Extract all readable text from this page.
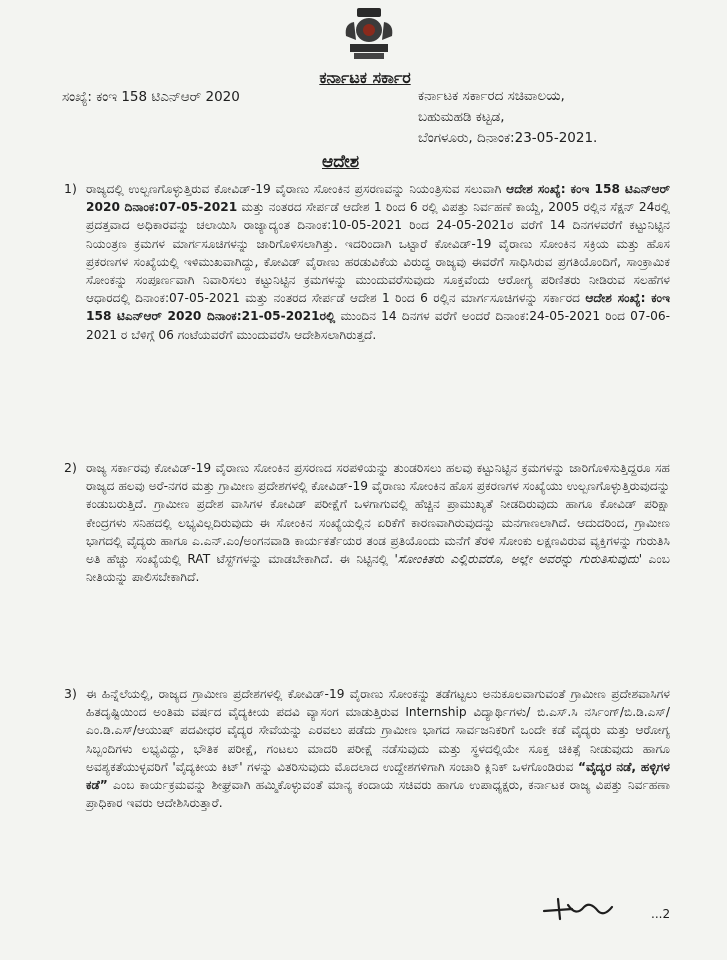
ಕರ್ನಾಟಕ ಸರ್ಕಾರ
ಸಂಖ್ಯೆ: ಕಂಇ 158 ಟಿಎನ್‌ಆರ್ 2020	ಕರ್ನಾಟಕ ಸರ್ಕಾರದ ಸಚಿವಾಲಯ,
ಬಹುಮಹಡಿ ಕಟ್ಟಡ,
ಬೆಂಗಳೂರು, ದಿನಾಂಕ:23-05-2021.
ಆದೇಶ
1) ರಾಜ್ಯದಲ್ಲಿ ಉಲ್ಬಣಗೊಳ್ಳುತ್ತಿರುವ ಕೋವಿಡ್-19 ವೈರಾಣು ಸೋಂಕಿನ ಪ್ರಸರಣವನ್ನು ನಿಯಂತ್ರಿಸುವ ಸಲುವಾಗಿ ಆದೇಶ ಸಂಖ್ಯೆ: ಕಂಇ 158 ಟಿಎನ್‌ಆರ್ 2020 ದಿನಾಂಕ:07-05-2021 ಮತ್ತು ನಂತರದ ಸೇರ್ಪಡೆ ಆದೇಶ 1 ರಿಂದ 6 ರಲ್ಲಿ ವಿಪತ್ತು ನಿರ್ವಹಣೆ ಕಾಯ್ದೆ, 2005 ರಲ್ಲಿನ ಸೆಕ್ಷನ್ 24ರಲ್ಲಿ ಪ್ರದತ್ತವಾದ ಅಧಿಕಾರವನ್ನು ಚಲಾಯಿಸಿ ರಾಜ್ಯಾದ್ಯಂತ ದಿನಾಂಕ:10-05-2021 ರಿಂದ 24-05-2021ರ ವರೆಗೆ 14 ದಿನಗಳವರೆಗೆ ಕಟ್ಟುನಿಟ್ಟಿನ ನಿಯಂತ್ರಣ ಕ್ರಮಗಳ ಮಾರ್ಗಸೂಚಿಗಳನ್ನು ಜಾರಿಗೊಳಿಸಲಾಗಿತ್ತು. ಇದರಿಂದಾಗಿ ಒಟ್ಟಾರೆ ಕೋವಿಡ್-19 ವೈರಾಣು ಸೋಂಕಿನ ಸಕ್ರಿಯ ಮತ್ತು ಹೊಸ ಪ್ರಕರಣಗಳ ಸಂಖ್ಯೆಯಲ್ಲಿ ಇಳಿಮುಖವಾಗಿದ್ದು, ಕೋವಿಡ್ ವೈರಾಣು ಹರಡುವಿಕೆಯ ವಿರುದ್ಧ ರಾಜ್ಯವು ಈವರೆಗೆ ಸಾಧಿಸಿರುವ ಪ್ರಗತಿಯೊಂದಿಗೆ, ಸಾಂಕ್ರಾಮಿಕ ಸೋಂಕನ್ನು ಸಂಪೂರ್ಣವಾಗಿ ನಿವಾರಿಸಲು ಕಟ್ಟುನಿಟ್ಟಿನ ಕ್ರಮಗಳನ್ನು ಮುಂದುವರೆಸುವುದು ಸೂಕ್ತವೆಂದು ಆರೋಗ್ಯ ಪರಿಣಿತರು ನೀಡಿರುವ ಸಲಹೆಗಳ ಆಧಾರದಲ್ಲಿ ದಿನಾಂಕ:07-05-2021 ಮತ್ತು ನಂತರದ ಸೇರ್ಪಡೆ ಆದೇಶ 1 ರಿಂದ 6 ರಲ್ಲಿನ ಮಾರ್ಗಸೂಚಿಗಳನ್ನು ಸರ್ಕಾರದ ಆದೇಶ ಸಂಖ್ಯೆ: ಕಂಇ 158 ಟಿಎನ್‌ಆರ್ 2020 ದಿನಾಂಕ:21-05-2021ರಲ್ಲಿ ಮುಂದಿನ 14 ದಿನಗಳ ವರೆಗೆ ಅಂದರೆ ದಿನಾಂಕ:24-05-2021 ರಿಂದ 07-06-2021 ರ ಬೆಳಿಗ್ಗೆ 06 ಗಂಟೆಯವರೆಗೆ ಮುಂದುವರೆಸಿ ಆದೇಶಿಸಲಾಗಿರುತ್ತದೆ.
2) ರಾಜ್ಯ ಸರ್ಕಾರವು ಕೋವಿಡ್-19 ವೈರಾಣು ಸೋಂಕಿನ ಪ್ರಸರಣದ ಸರಪಳಿಯನ್ನು ತುಂಡರಿಸಲು ಹಲವು ಕಟ್ಟುನಿಟ್ಟಿನ ಕ್ರಮಗಳನ್ನು ಜಾರಿಗೊಳಿಸುತ್ತಿದ್ದರೂ ಸಹ ರಾಜ್ಯದ ಹಲವು ಅರೆ-ನಗರ ಮತ್ತು ಗ್ರಾಮೀಣ ಪ್ರದೇಶಗಳಲ್ಲಿ ಕೋವಿಡ್-19 ವೈರಾಣು ಸೋಂಕಿನ ಹೊಸ ಪ್ರಕರಣಗಳ ಸಂಖ್ಯೆಯು ಉಲ್ಬಣಗೊಳ್ಳುತ್ತಿರುವುದನ್ನು ಕಂಡುಬರುತ್ತಿದೆ. ಗ್ರಾಮೀಣ ಪ್ರದೇಶ ವಾಸಿಗಳ ಕೋವಿಡ್ ಪರೀಕ್ಷೆಗೆ ಒಳಗಾಗುವಲ್ಲಿ ಹೆಚ್ಚಿನ ಪ್ರಾಮುಖ್ಯತೆ ನೀಡದಿರುವುದು ಹಾಗೂ ಕೋವಿಡ್ ಪರಿಕ್ಷಾ ಕೇಂದ್ರಗಳು ಸನಿಹದಲ್ಲಿ ಲಭ್ಯವಿಲ್ಲದಿರುವುದು ಈ ಸೋಂಕಿನ ಸಂಖ್ಯೆಯಲ್ಲಿನ ಏರಿಕೆಗೆ ಕಾರಣವಾಗಿರುವುದನ್ನು ಮನಗಾಣಲಾಗಿದೆ. ಆದುದರಿಂದ, ಗ್ರಾಮೀಣ ಭಾಗದಲ್ಲಿ ವೈದ್ಯರು ಹಾಗೂ ಎ.ಎನ್.ಎಂ/ಅಂಗನವಾಡಿ ಕಾರ್ಯಕರ್ತೆಯರ ತಂಡ ಪ್ರತಿಯೊಂದು ಮನೆಗೆ ತೆರಳಿ ಸೋಂಕು ಲಕ್ಷಣವಿರುವ ವ್ಯಕ್ತಿಗಳನ್ನು ಗುರುತಿಸಿ ಅತಿ ಹೆಚ್ಚು ಸಂಖ್ಯೆಯಲ್ಲಿ RAT ಟೆಸ್ಟ್‌ಗಳನ್ನು ಮಾಡಬೇಕಾಗಿದೆ. ಈ ನಿಟ್ಟಿನಲ್ಲಿ 'ಸೋಂಕಿತರು ಎಲ್ಲಿರುವರೊ, ಅಲ್ಲೇ ಅವರನ್ನು ಗುರುತಿಸುವುದು' ಎಂಬ ನೀತಿಯನ್ನು ಪಾಲಿಸಬೇಕಾಗಿದೆ.
3) ಈ ಹಿನ್ನೆಲೆಯಲ್ಲಿ, ರಾಜ್ಯದ ಗ್ರಾಮೀಣ ಪ್ರದೇಶಗಳಲ್ಲಿ ಕೋವಿಡ್-19 ವೈರಾಣು ಸೋಂಕನ್ನು ತಡೆಗಟ್ಟಲು ಅನುಕೂಲವಾಗುವಂತೆ ಗ್ರಾಮೀಣ ಪ್ರದೇಶವಾಸಿಗಳ ಹಿತದೃಷ್ಟಿಯಿಂದ ಅಂತಿಮ ವರ್ಷದ ವೈದ್ಯಕೀಯ ಪದವಿ ವ್ಯಾಸಂಗ ಮಾಡುತ್ತಿರುವ Internship ವಿದ್ಯಾರ್ಥಿಗಳು/ ಬಿ.ಎಸ್.ಸಿ ನರ್ಸಿಂಗ್/ಬಿ.ಡಿ.ಎಸ್/ಎಂ.ಡಿ.ಎಸ್/ಆಯುಷ್ ಪದವೀಧರ ವೈದ್ಯರ ಸೇವೆಯನ್ನು ಎರವಲು ಪಡೆದು ಗ್ರಾಮೀಣ ಭಾಗದ ಸಾರ್ವಜನಿಕರಿಗೆ ಒಂದೇ ಕಡೆ ವೈದ್ಯರು ಮತ್ತು ಆರೋಗ್ಯ ಸಿಬ್ಬಂದಿಗಳು ಲಭ್ಯವಿದ್ದು, ಭೌತಿಕ ಪರೀಕ್ಷೆ, ಗಂಟಲು ಮಾದರಿ ಪರೀಕ್ಷೆ ನಡೆಸುವುದು ಮತ್ತು ಸ್ಥಳದಲ್ಲಿಯೇ ಸೂಕ್ತ ಚಿಕಿತ್ಸೆ ನೀಡುವುದು ಹಾಗೂ ಅವಶ್ಯಕತೆಯುಳ್ಳವರಿಗೆ 'ವೈದ್ಯಕೀಯ ಕಿಟ್' ಗಳನ್ನು ವಿತರಿಸುವುದು ಮೊದಲಾದ ಉದ್ದೇಶಗಳಿಗಾಗಿ ಸಂಚಾರಿ ಕ್ಲಿನಿಕ್ ಒಳಗೊಂಡಿರುವ “ವೈದ್ಯರ ನಡೆ, ಹಳ್ಳಿಗಳ ಕಡೆ” ಎಂಬ ಕಾರ್ಯಕ್ರಮವನ್ನು ಶೀಘ್ರವಾಗಿ ಹಮ್ಮಿಕೊಳ್ಳುವಂತೆ ಮಾನ್ಯ ಕಂದಾಯ ಸಚಿವರು ಹಾಗೂ ಉಪಾಧ್ಯಕ್ಷರು, ಕರ್ನಾಟಕ ರಾಜ್ಯ ವಿಪತ್ತು ನಿರ್ವಹಣಾ ಪ್ರಾಧಿಕಾರ ಇವರು ಆದೇಶಿಸಿರುತ್ತಾರೆ.
...2
